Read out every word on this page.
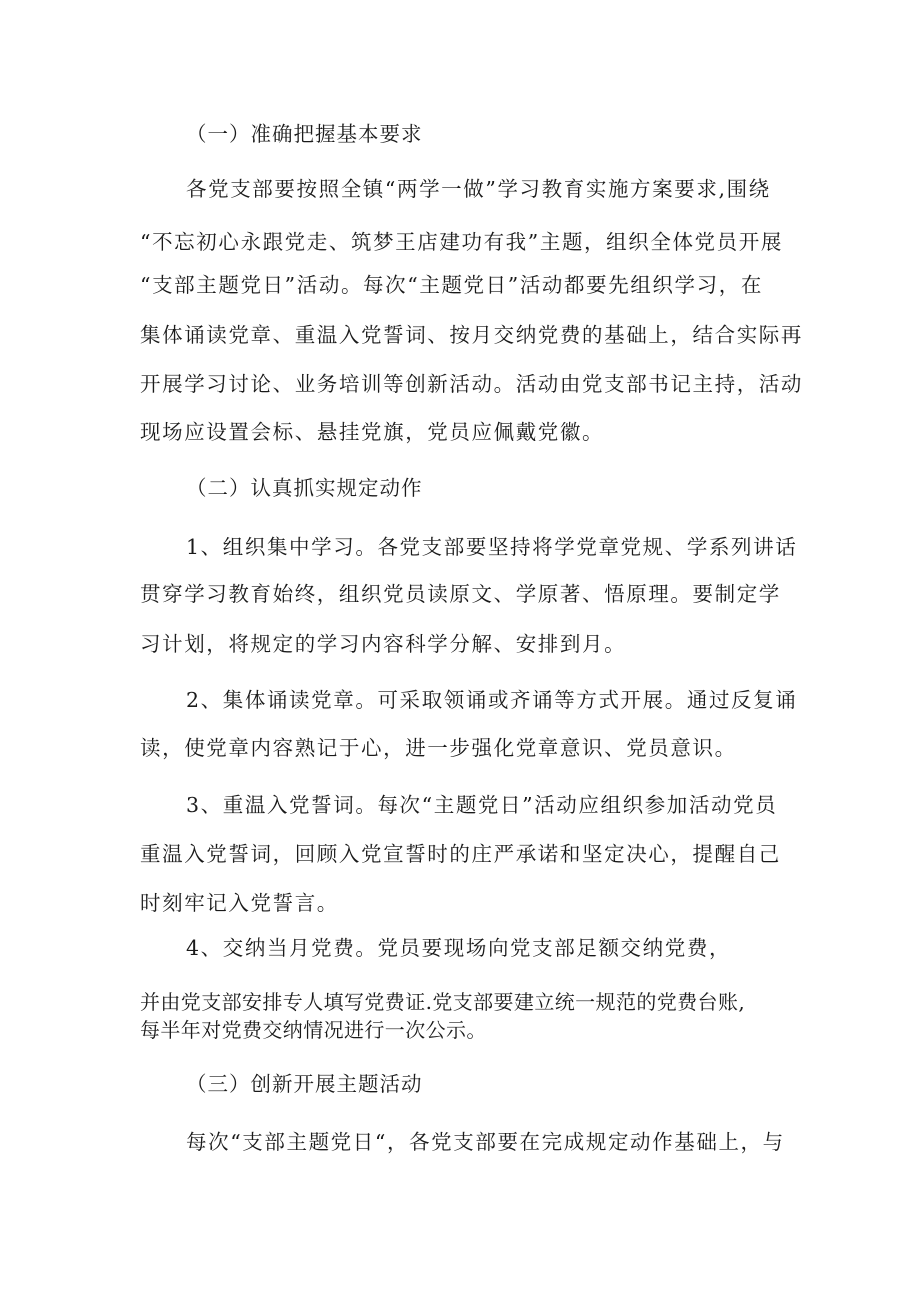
（一）准确把握基本要求
各党支部要按照全镇“两学一做”学习教育实施方案要求,围绕
“不忘初心永跟党走、筑梦王店建功有我”主题，组织全体党员开展
“支部主题党日”活动。每次“主题党日”活动都要先组织学习，在
集体诵读党章、重温入党誓词、按月交纳党费的基础上，结合实际再
开展学习讨论、业务培训等创新活动。活动由党支部书记主持，活动
现场应设置会标、悬挂党旗，党员应佩戴党徽。
（二）认真抓实规定动作
1、组织集中学习。各党支部要坚持将学党章党规、学系列讲话
贯穿学习教育始终，组织党员读原文、学原著、悟原理。要制定学
习计划，将规定的学习内容科学分解、安排到月。
2、集体诵读党章。可采取领诵或齐诵等方式开展。通过反复诵
读，使党章内容熟记于心，进一步强化党章意识、党员意识。
3、重温入党誓词。每次“主题党日”活动应组织参加活动党员
重温入党誓词，回顾入党宣誓时的庄严承诺和坚定决心，提醒自己
时刻牢记入党誓言。
4、交纳当月党费。党员要现场向党支部足额交纳党费，
并由党支部安排专人填写党费证.党支部要建立统一规范的党费台账,
每半年对党费交纳情况进行一次公示。
（三）创新开展主题活动
每次“支部主题党日“，各党支部要在完成规定动作基础上，与
